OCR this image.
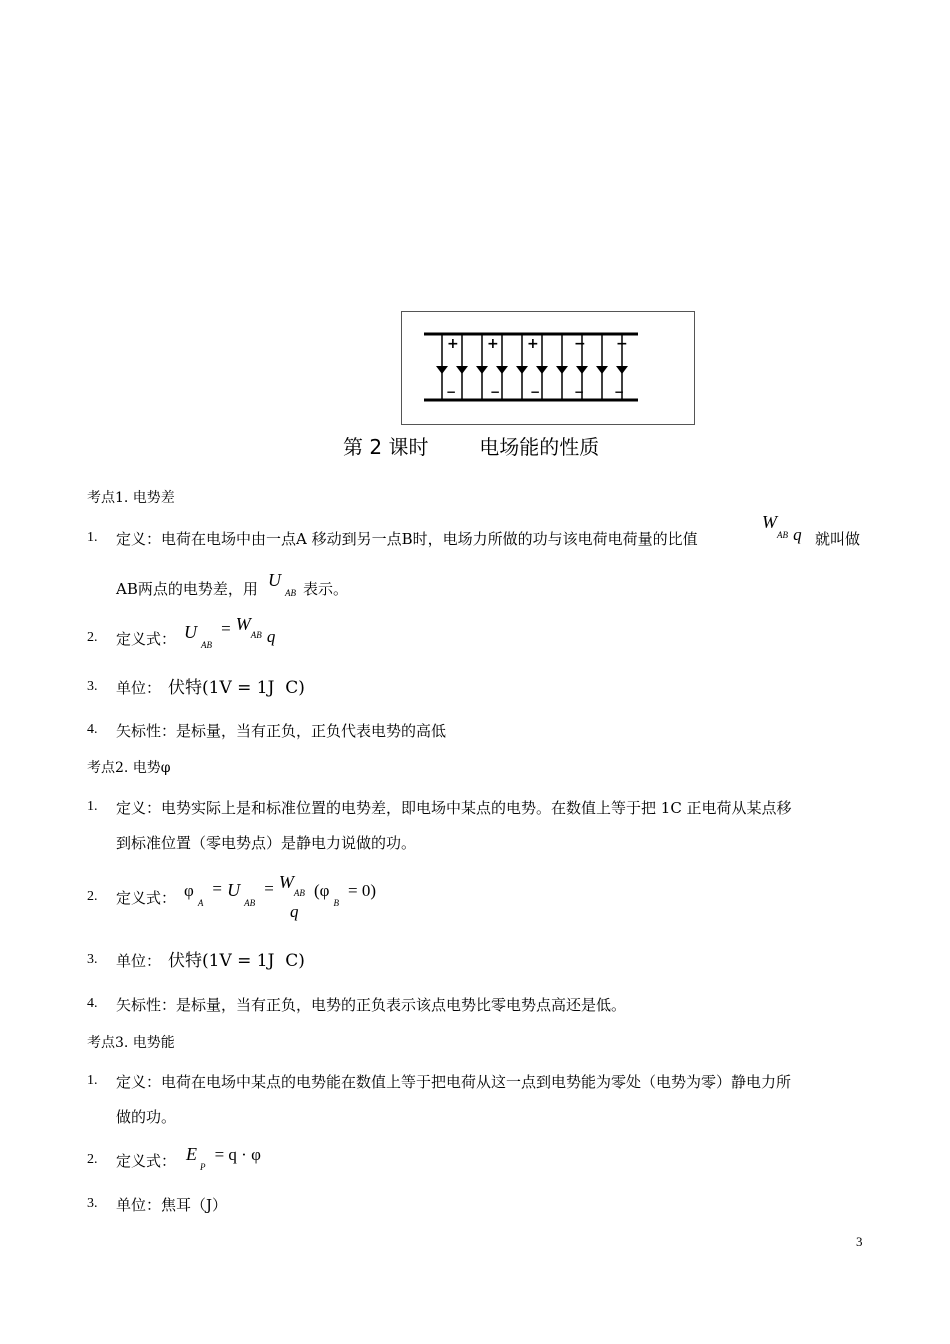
+ + +	− −
−	− −	− −
第 2 课时        电场能的性质
考点1. 电势差
1. 定义：电荷在电场中由一点A 移动到另一点B时，电场力所做的功与该电荷电荷量的比值
$W_{AB}$ q 就叫做
AB两点的电势差，用 $U_{AB}$ 表示。
2. 定义式： $U_{AB} = W_{AB}$ q
3. 单位： 伏特(1V = 1J  C)
4. 矢标性：是标量，当有正负，正负代表电势的高低
考点2. 电势φ
1. 定义：电势实际上是和标准位置的电势差，即电场中某点的电势。在数值上等于把 1C 正电荷从某点移
到标准位置（零电势点）是静电力说做的功。
2. 定义式： $\varphi_A = U_{AB} = W_{AB}$ $(\varphi_B = 0)$
q
3. 单位： 伏特(1V = 1J  C)
4. 矢标性：是标量，当有正负，电势的正负表示该点电势比零电势点高还是低。
考点3. 电势能
1. 定义：电荷在电场中某点的电势能在数值上等于把电荷从这一点到电势能为零处（电势为零）静电力所
做的功。
2. 定义式： $E_P = q \cdot \varphi$
3. 单位：焦耳（J）
3
